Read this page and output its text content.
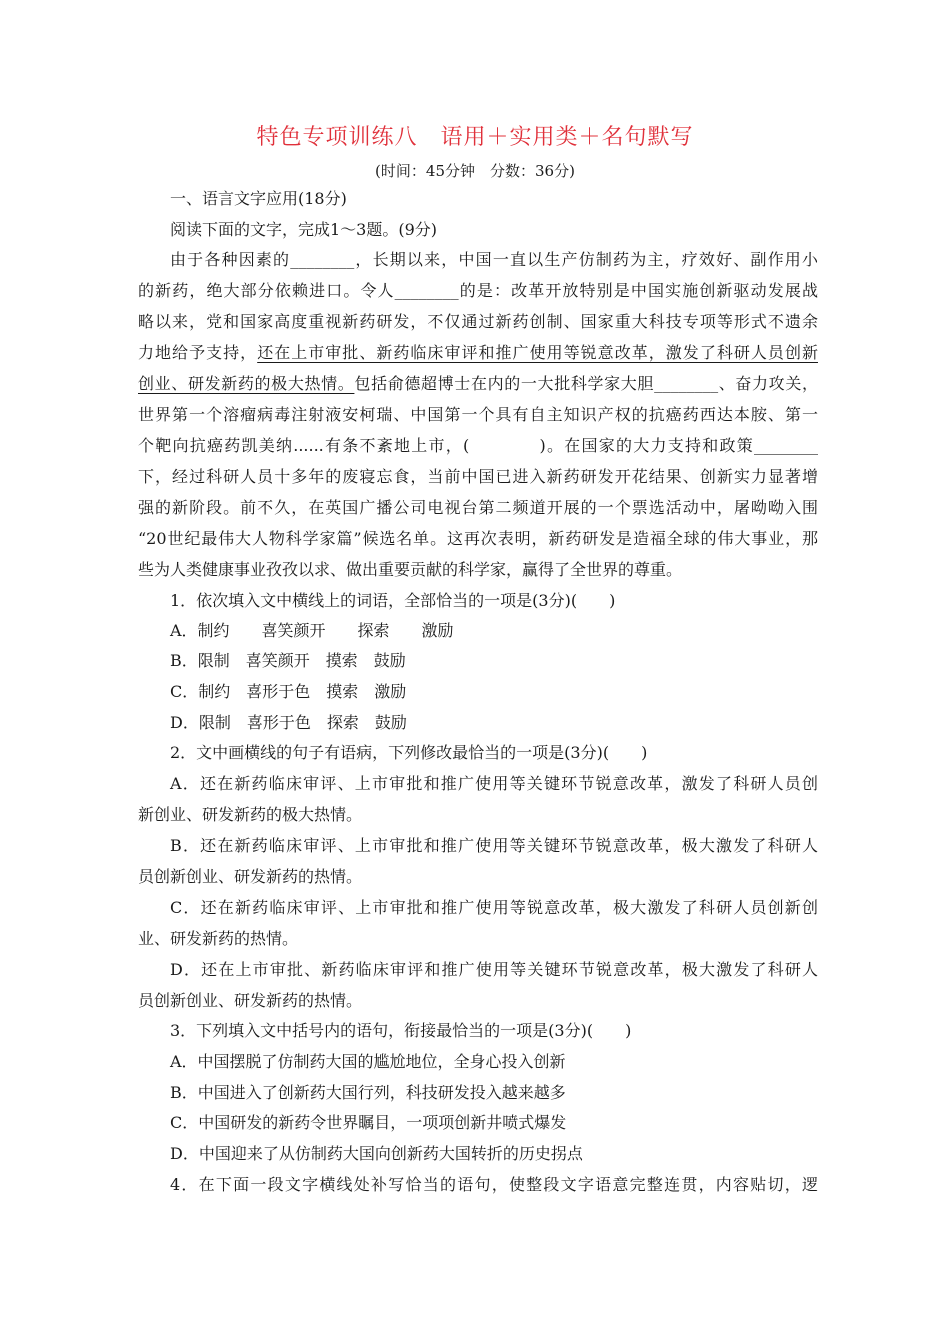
特色专项训练八　语用＋实用类＋名句默写
(时间：45分钟　分数：36分)
一、语言文字应用(18分)
阅读下面的文字，完成1～3题。(9分)
由于各种因素的________，长期以来，中国一直以生产仿制药为主，疗效好、副作用小
的新药，绝大部分依赖进口。令人________的是：改革开放特别是中国实施创新驱动发展战
略以来，党和国家高度重视新药研发，不仅通过新药创制、国家重大科技专项等形式不遗余
力地给予支持，还在上市审批、新药临床审评和推广使用等锐意改革，激发了科研人员创新
创业、研发新药的极大热情。包括俞德超博士在内的一大批科学家大胆________、奋力攻关，
世界第一个溶瘤病毒注射液安柯瑞、中国第一个具有自主知识产权的抗癌药西达本胺、第一
个靶向抗癌药凯美纳......有条不紊地上市，(　　　　)。在国家的大力支持和政策________
下，经过科研人员十多年的废寝忘食，当前中国已进入新药研发开花结果、创新实力显著增
强的新阶段。前不久，在英国广播公司电视台第二频道开展的一个票选活动中，屠呦呦入围
“20世纪最伟大人物科学家篇”候选名单。这再次表明，新药研发是造福全球的伟大事业，那
些为人类健康事业孜孜以求、做出重要贡献的科学家，赢得了全世界的尊重。
1．依次填入文中横线上的词语，全部恰当的一项是(3分)(　　)
A．制约　　喜笑颜开　　探索　　激励
B．限制　喜笑颜开　摸索　鼓励
C．制约　喜形于色　摸索　激励
D．限制　喜形于色　探索　鼓励
2．文中画横线的句子有语病，下列修改最恰当的一项是(3分)(　　)
A．还在新药临床审评、上市审批和推广使用等关键环节锐意改革，激发了科研人员创
新创业、研发新药的极大热情。
B．还在新药临床审评、上市审批和推广使用等关键环节锐意改革，极大激发了科研人
员创新创业、研发新药的热情。
C．还在新药临床审评、上市审批和推广使用等锐意改革，极大激发了科研人员创新创
业、研发新药的热情。
D．还在上市审批、新药临床审评和推广使用等关键环节锐意改革，极大激发了科研人
员创新创业、研发新药的热情。
3．下列填入文中括号内的语句，衔接最恰当的一项是(3分)(　　)
A．中国摆脱了仿制药大国的尴尬地位，全身心投入创新
B．中国进入了创新药大国行列，科技研发投入越来越多
C．中国研发的新药令世界瞩目，一项项创新井喷式爆发
D．中国迎来了从仿制药大国向创新药大国转折的历史拐点
4．在下面一段文字横线处补写恰当的语句，使整段文字语意完整连贯，内容贴切，逻
